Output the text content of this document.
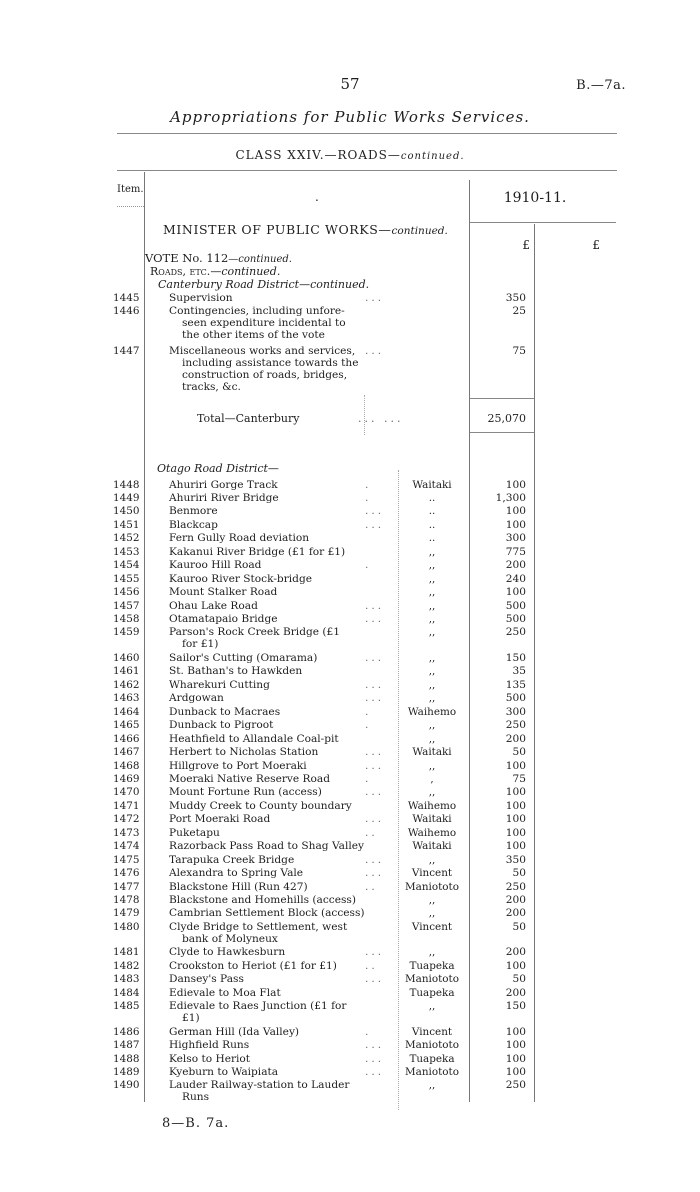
57	B.—7a.
Appropriations for Public Works Services.
CLASS XXIV.—ROADS—continued.
Item.
.	1910-11.
£	£
MINISTER OF PUBLIC WORKS—continued.
VOTE No. 112—continued.
Roads, etc.—continued.
Canterbury Road District—continued.
1445	Supervision	...	350
1446	Contingencies, including unfore-	25
seen expenditure incidental to
the other items of the vote
1447	Miscellaneous works and services, ...	75
including assistance towards the
construction of roads, bridges,
tracks, &c.
Total—Canterbury	... ...	25,070
Otago Road District—
1448	Ahuriri Gorge Track	.	Waitaki	100
1449	Ahuriri River Bridge	.	..	1,300
1450	Benmore	...	..	100
1451	Blackcap	...	..	100
1452	Fern Gully Road deviation	..	300
1453	Kakanui River Bridge (£1 for £1)	,,	775
1454	Kauroo Hill Road	.	,,	200
1455	Kauroo River Stock-bridge	,,	240
1456	Mount Stalker Road	,,	100
1457	Ohau Lake Road	...	,,	500
1458	Otamatapaio Bridge	...	,,	500
1459	Parson's Rock Creek Bridge (£1	,,	250
for £1)
1460	Sailor's Cutting (Omarama)	...	,,	150
1461	St. Bathan's to Hawkden	,,	35
1462	Wharekuri Cutting	...	,,	135
1463	Ardgowan	...	,,	500
1464	Dunback to Macraes	.	Waihemo	300
1465	Dunback to Pigroot	.	,,	250
1466	Heathfield to Allandale Coal-pit	,,	200
1467	Herbert to Nicholas Station	...	Waitaki	50
1468	Hillgrove to Port Moeraki	...	,,	100
1469	Moeraki Native Reserve Road	.	,	75
1470	Mount Fortune Run (access)	...	,,	100
1471	Muddy Creek to County boundary	Waihemo	100
1472	Port Moeraki Road	...	Waitaki	100
1473	Puketapu	..	Waihemo	100
1474	Razorback Pass Road to Shag Valley	Waitaki	100
1475	Tarapuka Creek Bridge	...	,,	350
1476	Alexandra to Spring Vale	...	Vincent	50
1477	Blackstone Hill (Run 427)	..	Maniototo	250
1478	Blackstone and Homehills (access)	,,	200
1479	Cambrian Settlement Block (access)	,,	200
1480	Clyde Bridge to Settlement, west	Vincent	50
bank of Molyneux
1481	Clyde to Hawkesburn	...	,,	200
1482	Crookston to Heriot (£1 for £1)	..	Tuapeka	100
1483	Dansey's Pass	...	Maniototo	50
1484	Edievale to Moa Flat	Tuapeka	200
1485	Edievale to Raes Junction (£1 for	,,	150
£1)
1486	German Hill (Ida Valley)	.	Vincent	100
1487	Highfield Runs	...	Maniototo	100
1488	Kelso to Heriot	...	Tuapeka	100
1489	Kyeburn to Waipiata	...	Maniototo	100
1490	Lauder Railway-station to Lauder	,,	250
Runs
8—B. 7a.
